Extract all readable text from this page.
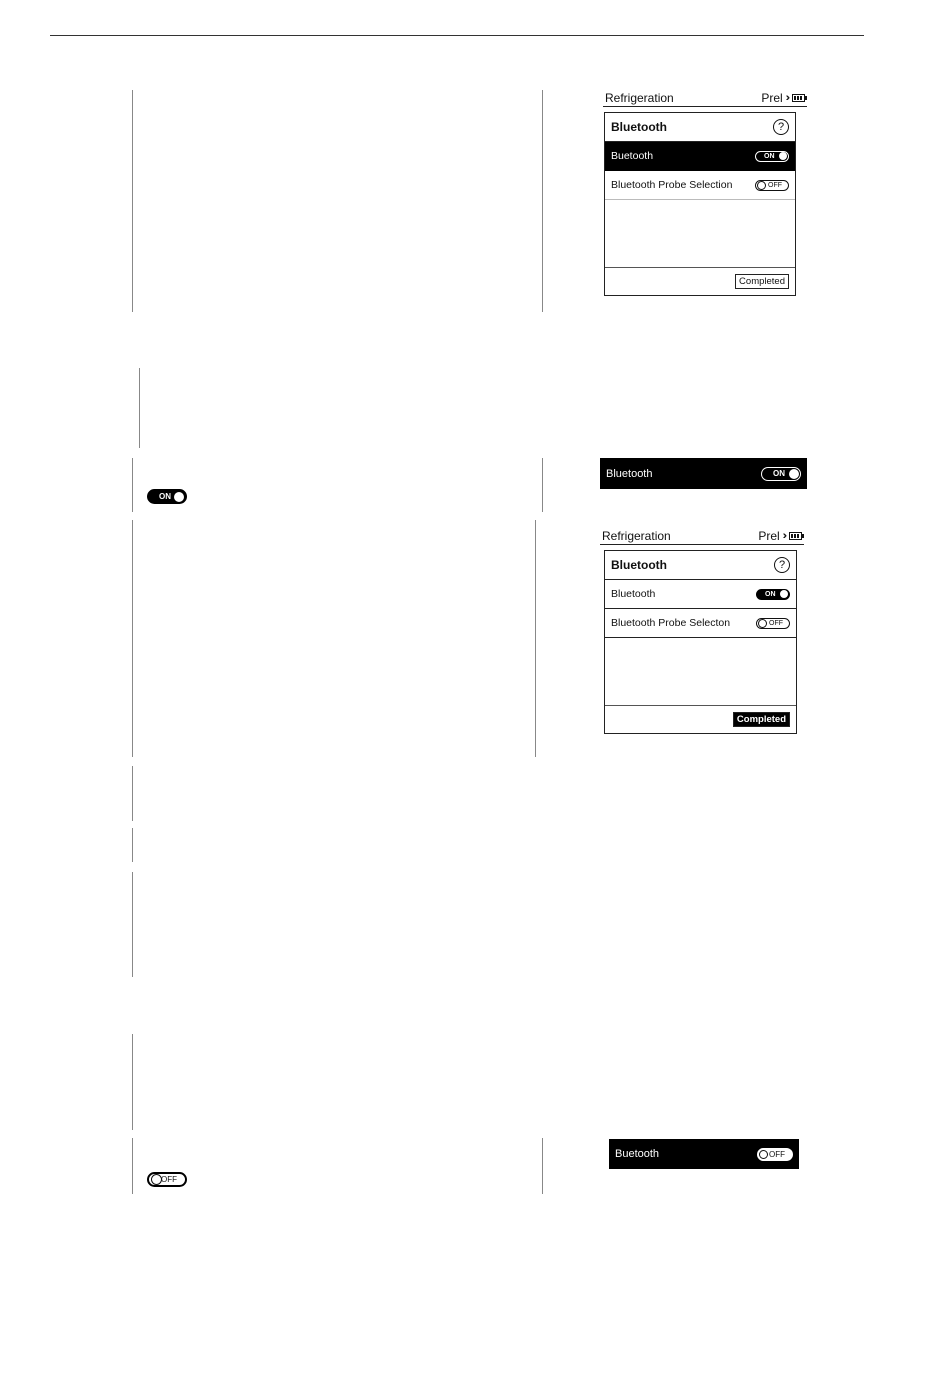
Refrigeration	Prel ››
Bluetooth	?
Buetooth	ON
Bluetooth Probe Selection	OFF
Completed
Bluetooth	ON
ON
Refrigeration	Prel ››
Bluetooth	?
Bluetooth	ON
Bluetooth Probe Selecton	OFF
Completed
Buetooth	OFF
OFF
